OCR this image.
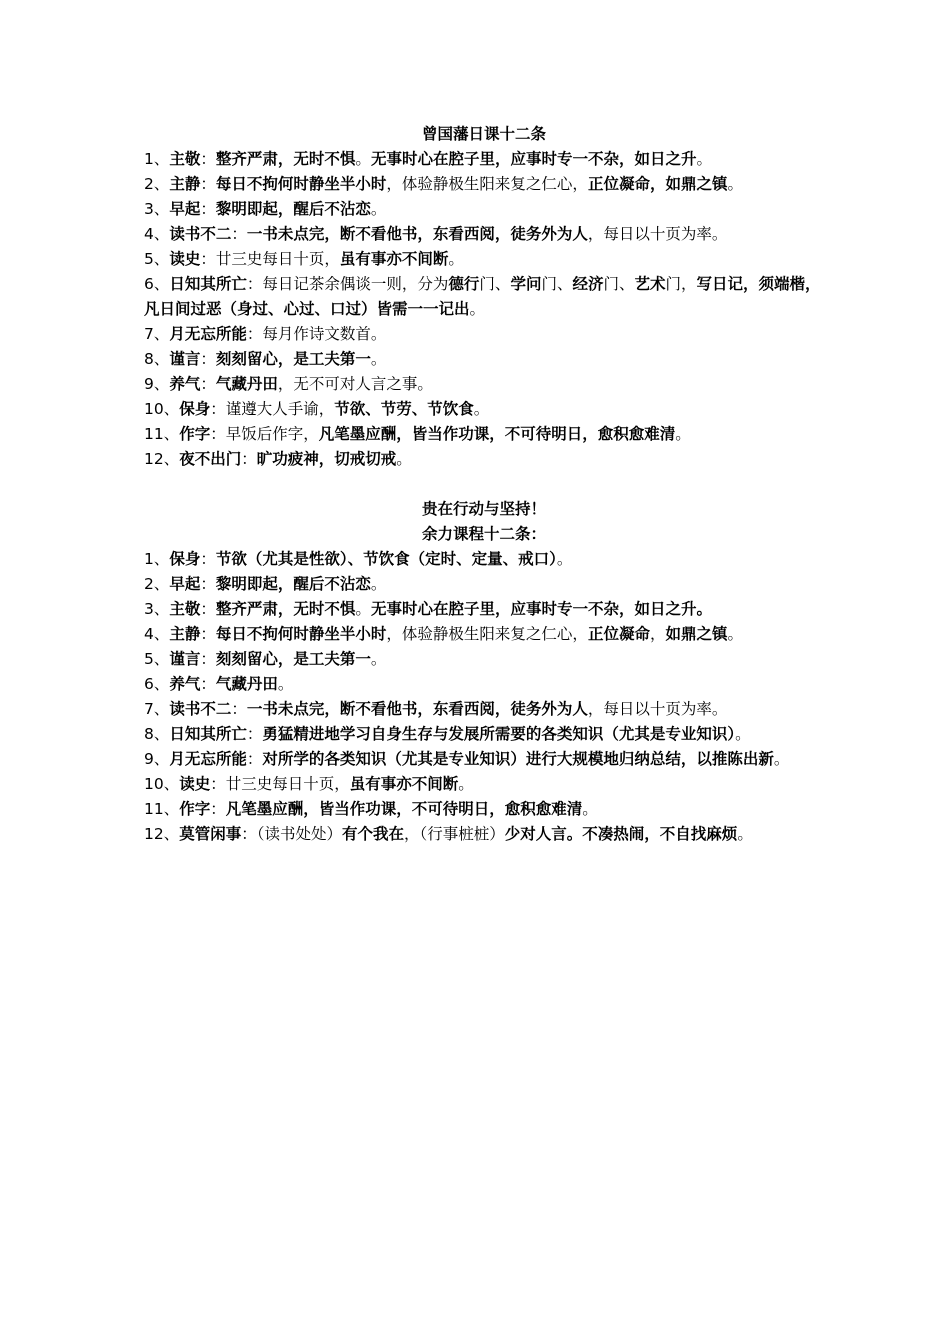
曾国藩日课十二条
1、主敬：整齐严肃，无时不惧。无事时心在腔子里，应事时专一不杂，如日之升。
2、主静：每日不拘何时静坐半小时，体验静极生阳来复之仁心，正位凝命，如鼎之镇。
3、早起：黎明即起，醒后不沾恋。
4、读书不二：一书未点完，断不看他书，东看西阅，徒务外为人，每日以十页为率。
5、读史：廿三史每日十页，虽有事亦不间断。
6、日知其所亡：每日记茶余偶谈一则，分为德行门、学问门、经济门、艺术门，写日记，须端楷，凡日间过恶（身过、心过、口过）皆需一一记出。
7、月无忘所能：每月作诗文数首。
8、谨言：刻刻留心，是工夫第一。
9、养气：气藏丹田，无不可对人言之事。
10、保身：谨遵大人手谕，节欲、节劳、节饮食。
11、作字：早饭后作字，凡笔墨应酬，皆当作功课，不可待明日，愈积愈难清。
12、夜不出门：旷功疲神，切戒切戒。
贵在行动与坚持！
余力课程十二条：
1、保身：节欲（尤其是性欲）、节饮食（定时、定量、戒口）。
2、早起：黎明即起，醒后不沾恋。
3、主敬：整齐严肃，无时不惧。无事时心在腔子里，应事时专一不杂，如日之升。
4、主静：每日不拘何时静坐半小时，体验静极生阳来复之仁心，正位凝命，如鼎之镇。
5、谨言：刻刻留心，是工夫第一。
6、养气：气藏丹田。
7、读书不二：一书未点完，断不看他书，东看西阅，徒务外为人，每日以十页为率。
8、日知其所亡：勇猛精进地学习自身生存与发展所需要的各类知识（尤其是专业知识）。
9、月无忘所能：对所学的各类知识（尤其是专业知识）进行大规模地归纳总结，以推陈出新。
10、读史：廿三史每日十页，虽有事亦不间断。
11、作字：凡笔墨应酬，皆当作功课，不可待明日，愈积愈难清。
12、莫管闲事：（读书处处）有个我在，（行事桩桩）少对人言。不凑热闹，不自找麻烦。
